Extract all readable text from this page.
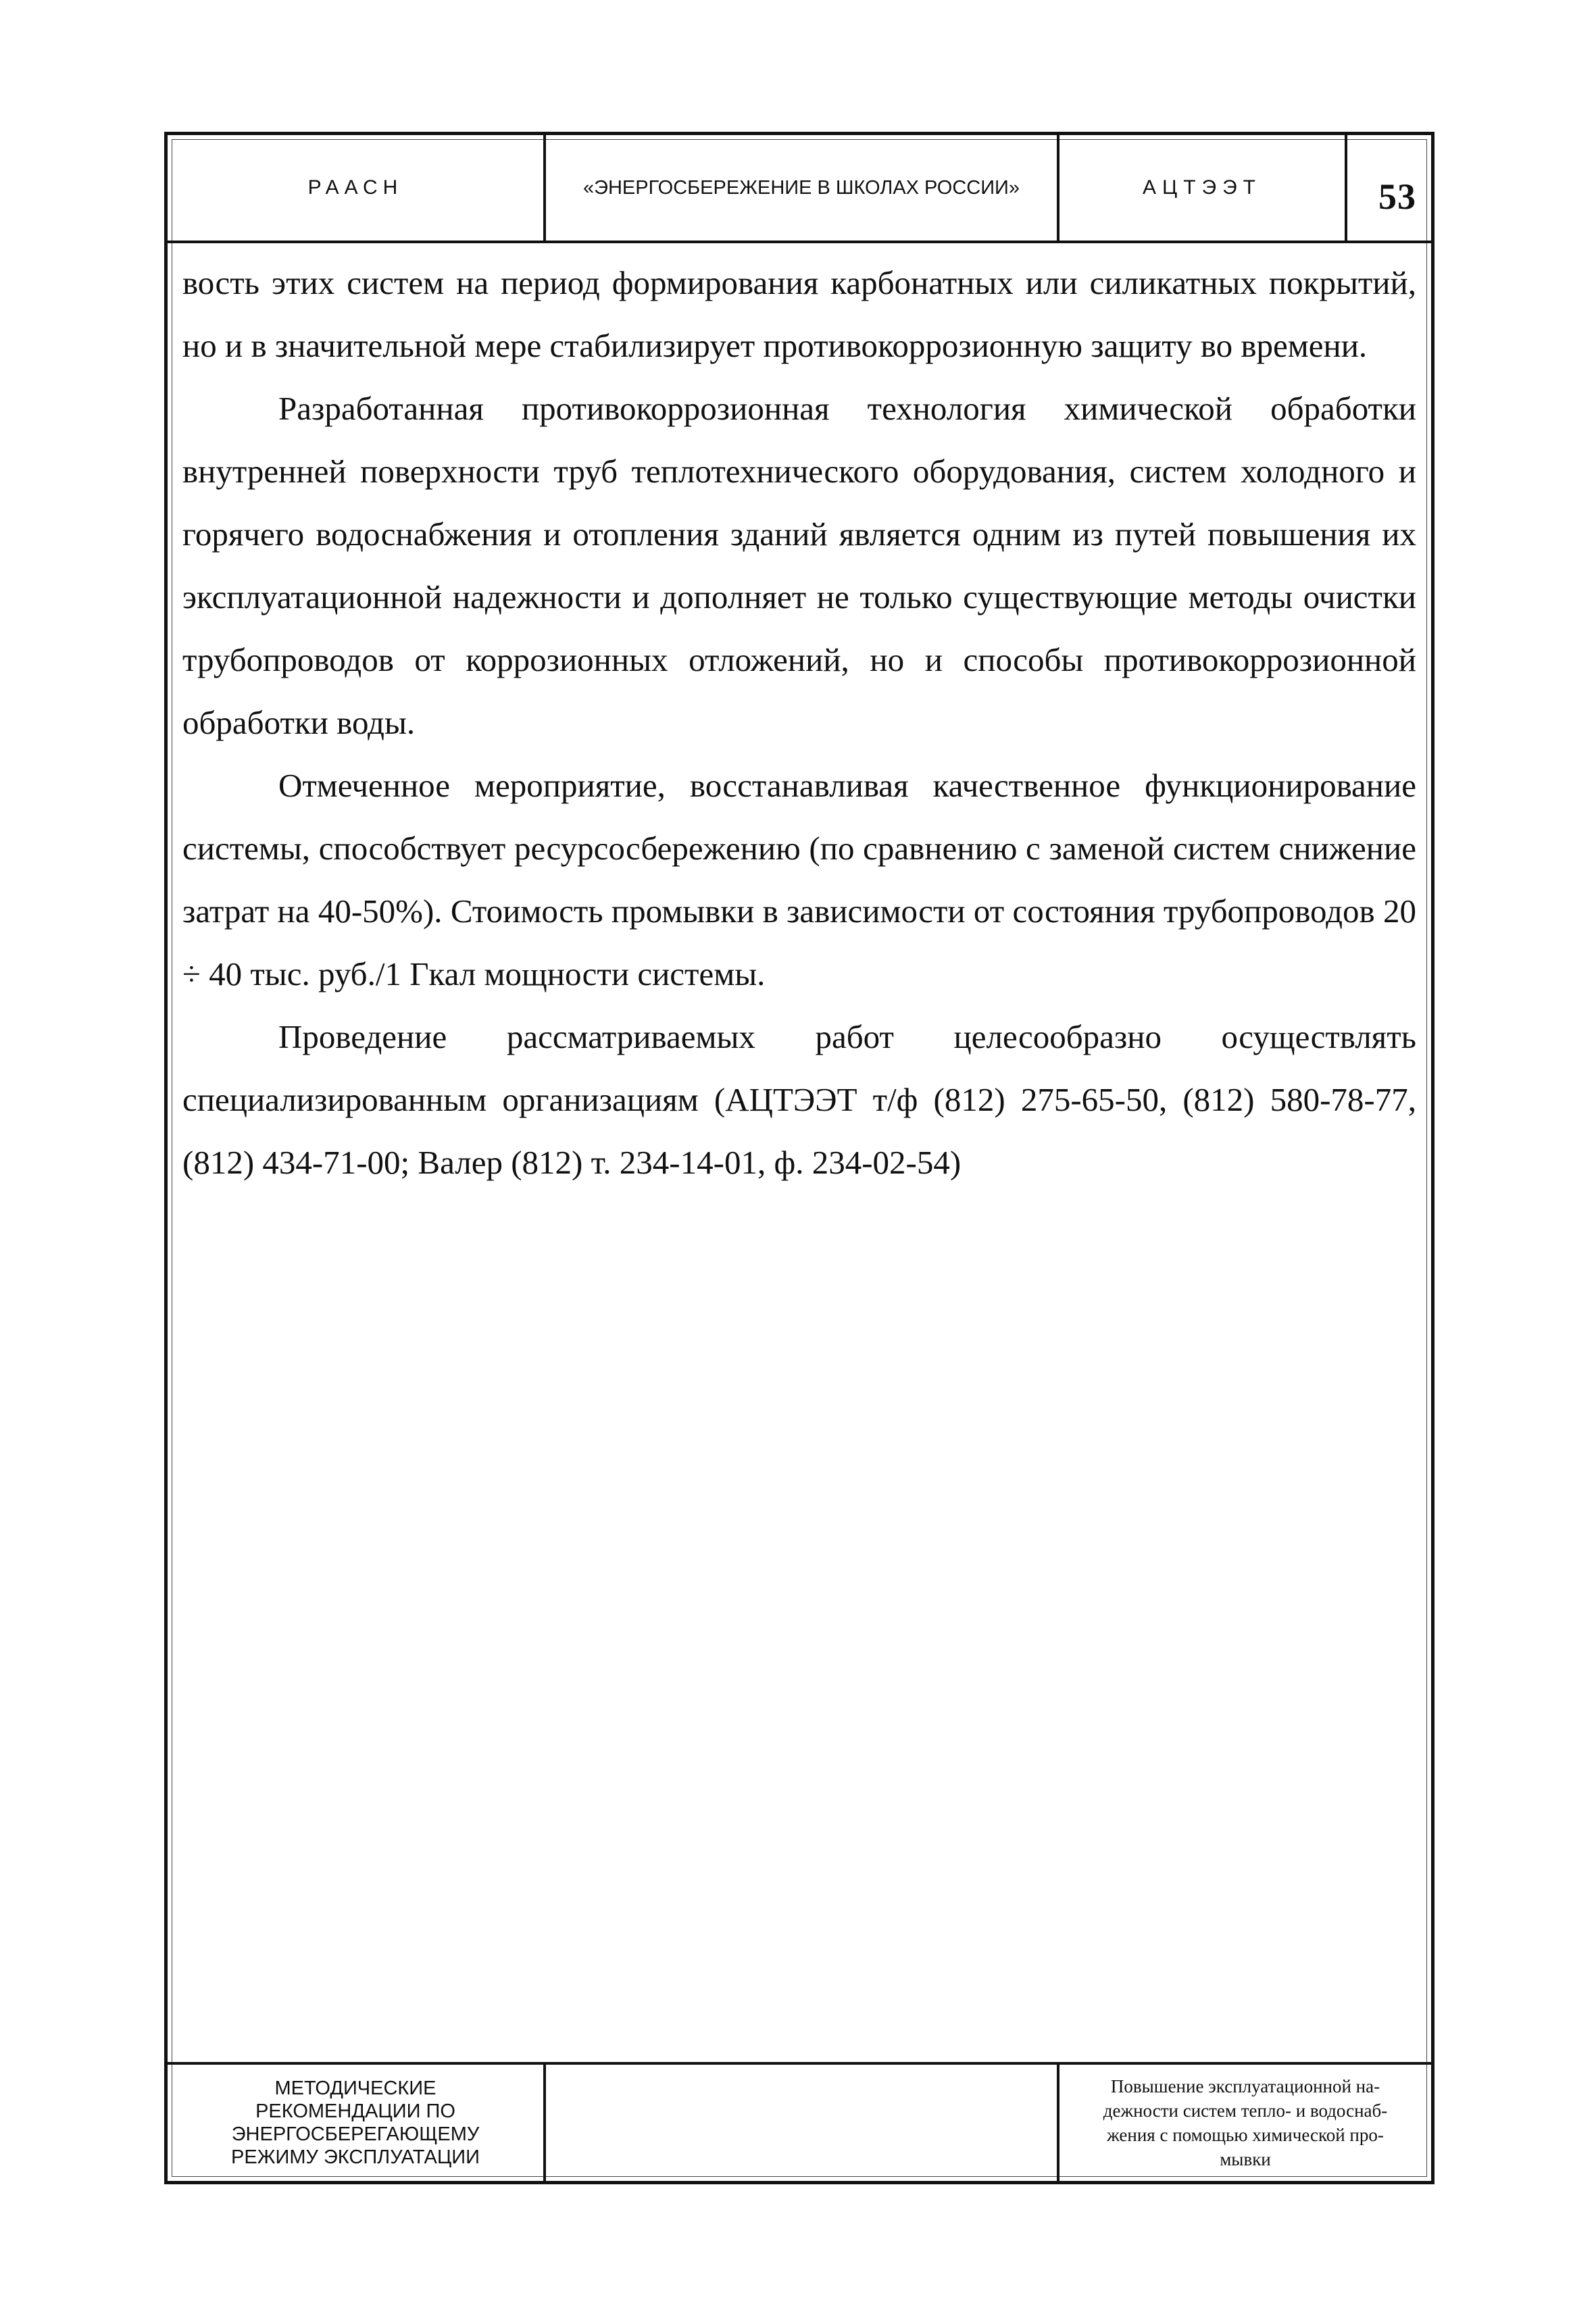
РААСН	«ЭНЕРГОСБЕРЕЖЕНИЕ В ШКОЛАХ РОССИИ»	АЦТЭЭТ	53

вость этих систем на период формирования карбонатных или силикатных покрытий, но и в значительной мере стабилизирует противокоррозионную защиту во времени.

Разработанная противокоррозионная технология химической обработки внутренней поверхности труб теплотехнического оборудования, систем холодного и горячего водоснабжения и отопления зданий является одним из путей повышения их эксплуатационной надежности и дополняет не только существующие методы очистки трубопроводов от коррозионных отложений, но и способы противокоррозионной обработки воды.

Отмеченное мероприятие, восстанавливая качественное функционирование системы, способствует ресурсосбережению (по сравнению с заменой систем снижение затрат на 40-50%). Стоимость промывки в зависимости от состояния трубопроводов 20 ÷ 40 тыс. руб./1 Гкал мощности системы.

Проведение рассматриваемых работ целесообразно осуществлять специализированным организациям (АЦТЭЭТ т/ф (812) 275-65-50, (812) 580-78-77, (812) 434-71-00; Валер (812) т. 234-14-01, ф. 234-02-54)

МЕТОДИЧЕСКИЕ
РЕКОМЕНДАЦИИ ПО
ЭНЕРГОСБЕРЕГАЮЩЕМУ
РЕЖИМУ ЭКСПЛУАТАЦИИ
Повышение эксплуатационной на-
дежности систем тепло- и водоснаб-
жения с помощью химической про-
мывки
